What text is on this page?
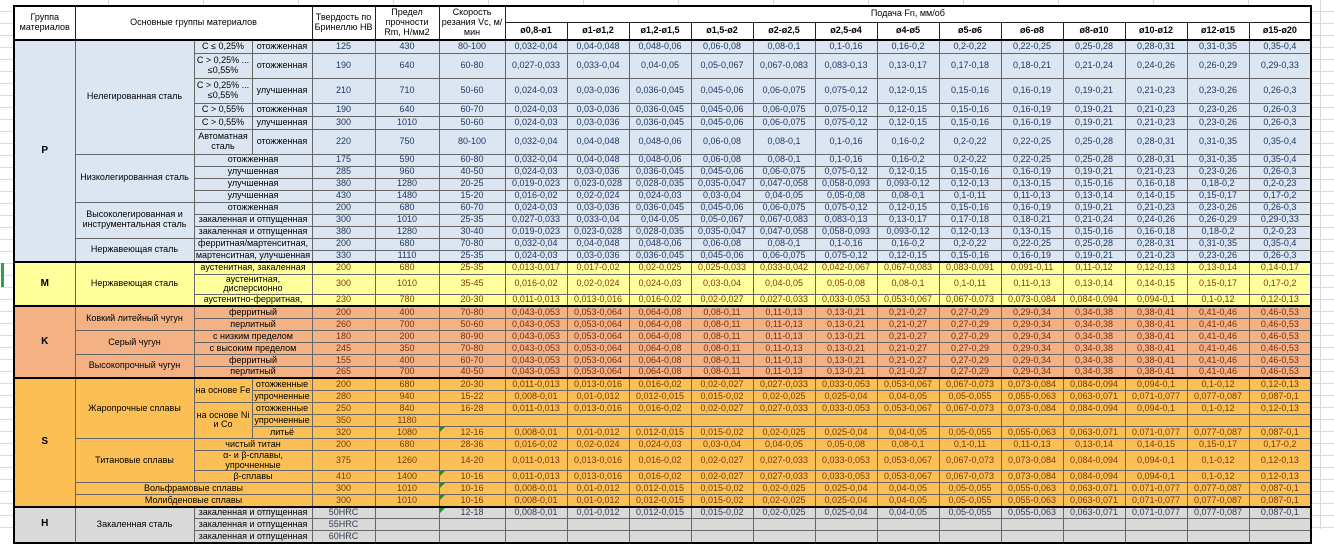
Группа материалов	Основные группы материалов			Твердость по Бринеллю HB	Предел прочности Rm, Н/мм2	Скорость резания Vc, м/мин	Подача Fn, мм/об												
							ø0,8-ø1	ø1-ø1,2	ø1,2-ø1,5	ø1,5-ø2	ø2-ø2,5	ø2,5-ø4	ø4-ø5	ø5-ø6	ø6-ø8	ø8-ø10	ø10-ø12	ø12-ø15	ø15-ø20
P	Нелегированная сталь	C ≤ 0,25%	отожженная	125	430	80-100	0,032-0,04	0,04-0,048	0,048-0,06	0,06-0,08	0,08-0,1	0,1-0,16	0,16-0,2	0,2-0,22	0,22-0,25	0,25-0,28	0,28-0,31	0,31-0,35	0,35-0,4
		C > 0,25% ... ≤0,55%	отожженная	190	640	60-80	0,027-0,033	0,033-0,04	0,04-0,05	0,05-0,067	0,067-0,083	0,083-0,13	0,13-0,17	0,17-0,18	0,18-0,21	0,21-0,24	0,24-0,26	0,26-0,29	0,29-0,33
		C > 0,25% ... ≤0,55%	улучшенная	210	710	50-60	0,024-0,03	0,03-0,036	0,036-0,045	0,045-0,06	0,06-0,075	0,075-0,12	0,12-0,15	0,15-0,16	0,16-0,19	0,19-0,21	0,21-0,23	0,23-0,26	0,26-0,3
		C > 0,55%	отожженная	190	640	60-70	0,024-0,03	0,03-0,036	0,036-0,045	0,045-0,06	0,06-0,075	0,075-0,12	0,12-0,15	0,15-0,16	0,16-0,19	0,19-0,21	0,21-0,23	0,23-0,26	0,26-0,3
		C > 0,55%	улучшенная	300	1010	50-60	0,024-0,03	0,03-0,036	0,036-0,045	0,045-0,06	0,06-0,075	0,075-0,12	0,12-0,15	0,15-0,16	0,16-0,19	0,19-0,21	0,21-0,23	0,23-0,26	0,26-0,3
		Автоматная сталь	отожженная	220	750	80-100	0,032-0,04	0,04-0,048	0,048-0,06	0,06-0,08	0,08-0,1	0,1-0,16	0,16-0,2	0,2-0,22	0,22-0,25	0,25-0,28	0,28-0,31	0,31-0,35	0,35-0,4
	Низколегированная сталь	отожженная		175	590	60-80	0,032-0,04	0,04-0,048	0,048-0,06	0,06-0,08	0,08-0,1	0,1-0,16	0,16-0,2	0,2-0,22	0,22-0,25	0,25-0,28	0,28-0,31	0,31-0,35	0,35-0,4
		улучшенная		285	960	40-50	0,024-0,03	0,03-0,036	0,036-0,045	0,045-0,06	0,06-0,075	0,075-0,12	0,12-0,15	0,15-0,16	0,16-0,19	0,19-0,21	0,21-0,23	0,23-0,26	0,26-0,3
		улучшенная		380	1280	20-25	0,019-0,023	0,023-0,028	0,028-0,035	0,035-0,047	0,047-0,058	0,058-0,093	0,093-0,12	0,12-0,13	0,13-0,15	0,15-0,16	0,16-0,18	0,18-0,2	0,2-0,23
		улучшенная		430	1480	15-20	0,016-0,02	0,02-0,024	0,024-0,03	0,03-0,04	0,04-0,05	0,05-0,08	0,08-0,1	0,1-0,11	0,11-0,13	0,13-0,14	0,14-0,15	0,15-0,17	0,17-0,2
	Высоколегированная и инструментальная сталь	отожженная		200	680	60-70	0,024-0,03	0,03-0,036	0,036-0,045	0,045-0,06	0,06-0,075	0,075-0,12	0,12-0,15	0,15-0,16	0,16-0,19	0,19-0,21	0,21-0,23	0,23-0,26	0,26-0,3
		закаленная и отпущенная		300	1010	25-35	0,027-0,033	0,033-0,04	0,04-0,05	0,05-0,067	0,067-0,083	0,083-0,13	0,13-0,17	0,17-0,18	0,18-0,21	0,21-0,24	0,24-0,26	0,26-0,29	0,29-0,33
		закаленная и отпущенная		380	1280	30-40	0,019-0,023	0,023-0,028	0,028-0,035	0,035-0,047	0,047-0,058	0,058-0,093	0,093-0,12	0,12-0,13	0,13-0,15	0,15-0,16	0,16-0,18	0,18-0,2	0,2-0,23
	Нержавеющая сталь	ферритная/мартенситная,		200	680	70-80	0,032-0,04	0,04-0,048	0,048-0,06	0,06-0,08	0,08-0,1	0,1-0,16	0,16-0,2	0,2-0,22	0,22-0,25	0,25-0,28	0,28-0,31	0,31-0,35	0,35-0,4
		мартенситная, улучшенная		330	1110	25-35	0,024-0,03	0,03-0,036	0,036-0,045	0,045-0,06	0,06-0,075	0,075-0,12	0,12-0,15	0,15-0,16	0,16-0,19	0,19-0,21	0,21-0,23	0,23-0,26	0,26-0,3
M	Нержавеющая сталь	аустенитная, закаленная		200	680	25-35	0,013-0,017	0,017-0,02	0,02-0,025	0,025-0,033	0,033-0,042	0,042-0,067	0,067-0,083	0,083-0,091	0,091-0,11	0,11-0,12	0,12-0,13	0,13-0,14	0,14-0,17
		аустенитная, дисперсионно		300	1010	35-45	0,016-0,02	0,02-0,024	0,024-0,03	0,03-0,04	0,04-0,05	0,05-0,08	0,08-0,1	0,1-0,11	0,11-0,13	0,13-0,14	0,14-0,15	0,15-0,17	0,17-0,2
		аустенитно-ферритная,		230	780	20-30	0,011-0,013	0,013-0,016	0,016-0,02	0,02-0,027	0,027-0,033	0,033-0,053	0,053-0,067	0,067-0,073	0,073-0,084	0,084-0,094	0,094-0,1	0,1-0,12	0,12-0,13
K	Ковкий литейный чугун	ферритный		200	400	70-80	0,043-0,053	0,053-0,064	0,064-0,08	0,08-0,11	0,11-0,13	0,13-0,21	0,21-0,27	0,27-0,29	0,29-0,34	0,34-0,38	0,38-0,41	0,41-0,46	0,46-0,53
		перлитный		260	700	50-60	0,043-0,053	0,053-0,064	0,064-0,08	0,08-0,11	0,11-0,13	0,13-0,21	0,21-0,27	0,27-0,29	0,29-0,34	0,34-0,38	0,38-0,41	0,41-0,46	0,46-0,53
	Серый чугун	с низким пределом		180	200	80-90	0,043-0,053	0,053-0,064	0,064-0,08	0,08-0,11	0,11-0,13	0,13-0,21	0,21-0,27	0,27-0,29	0,29-0,34	0,34-0,38	0,38-0,41	0,41-0,46	0,46-0,53
		с высоким пределом		245	350	70-80	0,043-0,053	0,053-0,064	0,064-0,08	0,08-0,11	0,11-0,13	0,13-0,21	0,21-0,27	0,27-0,29	0,29-0,34	0,34-0,38	0,38-0,41	0,41-0,46	0,46-0,53
	Высокопрочный чугун	ферритный		155	400	60-70	0,043-0,053	0,053-0,064	0,064-0,08	0,08-0,11	0,11-0,13	0,13-0,21	0,21-0,27	0,27-0,29	0,29-0,34	0,34-0,38	0,38-0,41	0,41-0,46	0,46-0,53
		перлитный		265	700	40-50	0,043-0,053	0,053-0,064	0,064-0,08	0,08-0,11	0,11-0,13	0,13-0,21	0,21-0,27	0,27-0,29	0,29-0,34	0,34-0,38	0,38-0,41	0,41-0,46	0,46-0,53
S	Жаропрочные сплавы	на основе Fe	отожженные	200	680	20-30	0,011-0,013	0,013-0,016	0,016-0,02	0,02-0,027	0,027-0,033	0,033-0,053	0,053-0,067	0,067-0,073	0,073-0,084	0,084-0,094	0,094-0,1	0,1-0,12	0,12-0,13
			упрочненные	280	940	15-22	0,008-0,01	0,01-0,012	0,012-0,015	0,015-0,02	0,02-0,025	0,025-0,04	0,04-0,05	0,05-0,055	0,055-0,063	0,063-0,071	0,071-0,077	0,077-0,087	0,087-0,1
		на основе Ni и Co	отожженные	250	840	16-28	0,011-0,013	0,013-0,016	0,016-0,02	0,02-0,027	0,027-0,033	0,033-0,053	0,053-0,067	0,067-0,073	0,073-0,084	0,084-0,094	0,094-0,1	0,1-0,12	0,12-0,13
			упрочненные	350	1180														
			литьё	320	1080	12-16	0,008-0,01	0,01-0,012	0,012-0,015	0,015-0,02	0,02-0,025	0,025-0,04	0,04-0,05	0,05-0,055	0,055-0,063	0,063-0,071	0,071-0,077	0,077-0,087	0,087-0,1
	Титановые сплавы	чистый титан		200	680	28-36	0,016-0,02	0,02-0,024	0,024-0,03	0,03-0,04	0,04-0,05	0,05-0,08	0,08-0,1	0,1-0,11	0,11-0,13	0,13-0,14	0,14-0,15	0,15-0,17	0,17-0,2
		α- и β-сплавы, упрочненные		375	1260	14-20	0,011-0,013	0,013-0,016	0,016-0,02	0,02-0,027	0,027-0,033	0,033-0,053	0,053-0,067	0,067-0,073	0,073-0,084	0,084-0,094	0,094-0,1	0,1-0,12	0,12-0,13
		β-сплавы		410	1400	10-16	0,011-0,013	0,013-0,016	0,016-0,02	0,02-0,027	0,027-0,033	0,033-0,053	0,053-0,067	0,067-0,073	0,073-0,084	0,084-0,094	0,094-0,1	0,1-0,12	0,12-0,13
	Вольфрамовые сплавы			300	1010	10-16	0,008-0,01	0,01-0,012	0,012-0,015	0,015-0,02	0,02-0,025	0,025-0,04	0,04-0,05	0,05-0,055	0,055-0,063	0,063-0,071	0,071-0,077	0,077-0,087	0,087-0,1
	Молибденовые сплавы			300	1010	10-16	0,008-0,01	0,01-0,012	0,012-0,015	0,015-0,02	0,02-0,025	0,025-0,04	0,04-0,05	0,05-0,055	0,055-0,063	0,063-0,071	0,071-0,077	0,077-0,087	0,087-0,1
H	Закаленная сталь	закаленная и отпущенная		50HRC		12-18	0,008-0,01	0,01-0,012	0,012-0,015	0,015-0,02	0,02-0,025	0,025-0,04	0,04-0,05	0,05-0,055	0,055-0,063	0,063-0,071	0,071-0,077	0,077-0,087	0,087-0,1
		закаленная и отпущенная		55HRC															
		закаленная и отпущенная		60HRC															
